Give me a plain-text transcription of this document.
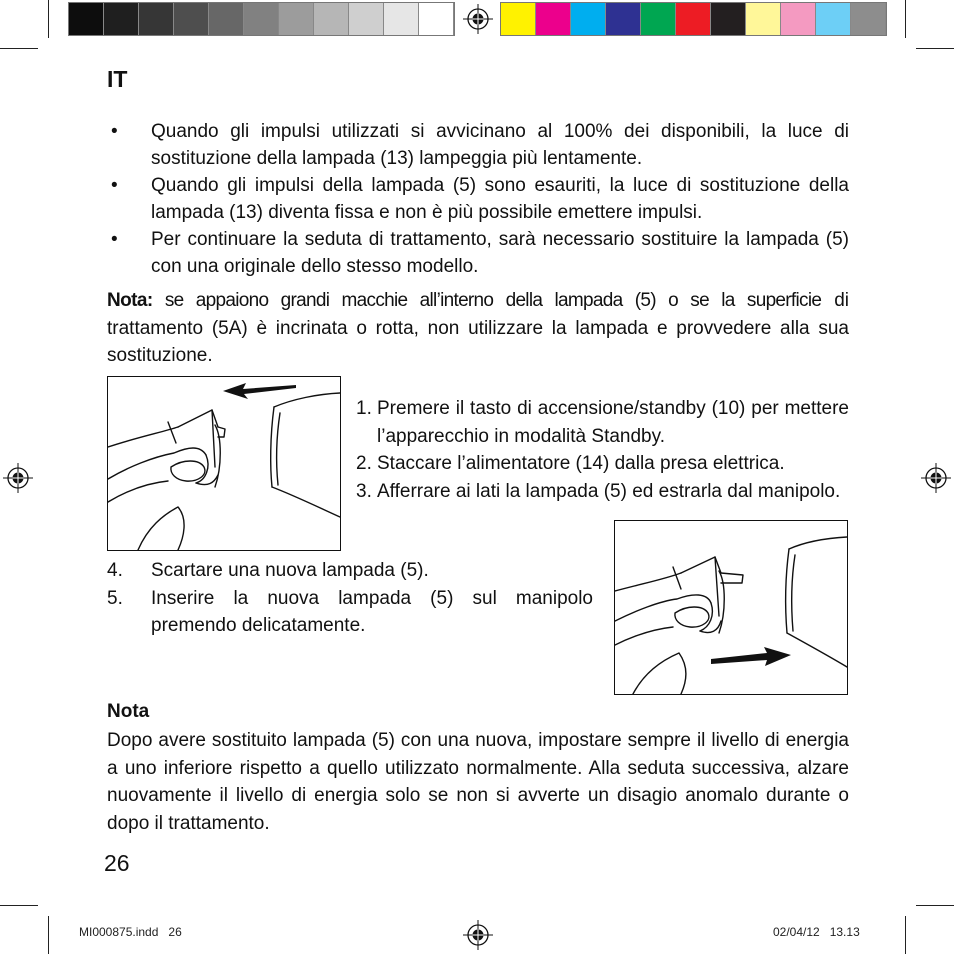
IT
• Quando gli impulsi utilizzati si avvicinano al 100% dei disponibili, la luce di sostituzione della lampada (13) lampeggia più lentamente.
• Quando gli impulsi della lampada (5) sono esauriti, la luce di sostituzione della lampada (13) diventa fissa e non è più possibile emettere impulsi.
• Per continuare la seduta di trattamento, sarà necessario sostituire la lampada (5) con una originale dello stesso modello.
Nota: se appaiono grandi macchie all’interno della lampada (5) o se la superficie di trattamento (5A) è incrinata o rotta, non utilizzare la lampada e provvedere alla sua sostituzione.
1. Premere il tasto di accensione/standby (10) per mettere l’apparecchio in modalità Standby.
2. Staccare l’alimentatore (14) dalla presa elettrica.
3. Afferrare ai lati la lampada (5) ed estrarla dal manipolo.
4. Scartare una nuova lampada (5).
5. Inserire la nuova lampada (5) sul manipolo premendo delicatamente.
Nota
Dopo avere sostituito lampada (5) con una nuova, impostare sempre il livello di energia a uno inferiore rispetto a quello utilizzato normalmente. Alla seduta successiva, alzare nuovamente il livello di energia solo se non si avverte un disagio anomalo durante o dopo il trattamento.
26
MI000875.indd   26	02/04/12   13.13
